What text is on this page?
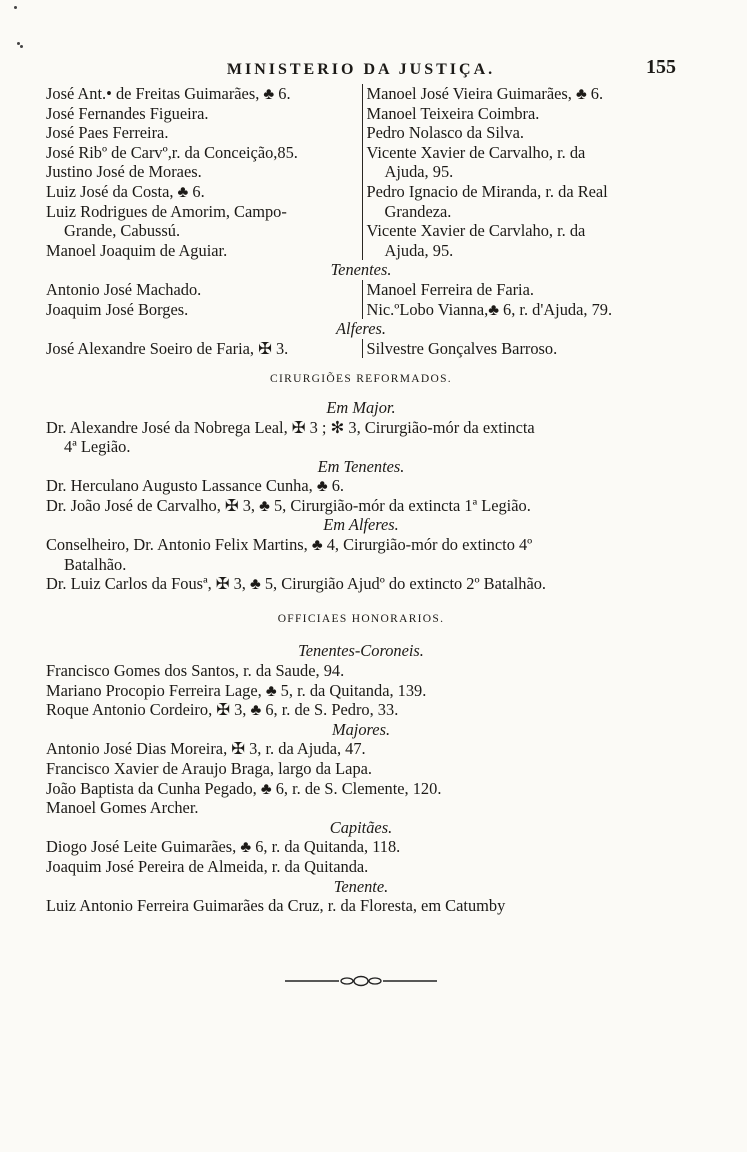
MINISTERIO DA JUSTIÇA.	155
José Ant.• de Freitas Guimarães, ♣ 6.
José Fernandes Figueira.
José Paes Ferreira.
José Ribº de Carvº,r. da Conceição,85.
Justino José de Moraes.
Luiz José da Costa, ♣ 6.
Luiz Rodrigues de Amorim, Campo-
Grande, Cabussú.
Manoel Joaquim de Aguiar.
Manoel José Vieira Guimarães, ♣ 6.
Manoel Teixeira Coimbra.
Pedro Nolasco da Silva.
Vicente Xavier de Carvalho, r. da
Ajuda, 95.
Pedro Ignacio de Miranda, r. da Real
Grandeza.
Vicente Xavier de Carvlaho, r. da
Ajuda, 95.
Tenentes.
Antonio José Machado.
Joaquim José Borges.
Manoel Ferreira de Faria.
Nic.ºLobo Vianna,♣ 6, r. d'Ajuda, 79.
Alferes.
José Alexandre Soeiro de Faria, ✠ 3.	Silvestre Gonçalves Barroso.
CIRURGIÕES REFORMADOS.
Em Major.
Dr. Alexandre José da Nobrega Leal, ✠ 3 ; ✻ 3, Cirurgião-mór da extincta
4ª Legião.
Em Tenentes.
Dr. Herculano Augusto Lassance Cunha, ♣ 6.
Dr. João José de Carvalho, ✠ 3, ♣ 5, Cirurgião-mór da extincta 1ª Legião.
Em Alferes.
Conselheiro, Dr. Antonio Felix Martins, ♣ 4, Cirurgião-mór do extincto 4º
Batalhão.
Dr. Luiz Carlos da Fousª, ✠ 3, ♣ 5, Cirurgião Ajudº do extincto 2º Batalhão.
OFFICIAES HONORARIOS.
Tenentes-Coroneis.
Francisco Gomes dos Santos, r. da Saude, 94.
Mariano Procopio Ferreira Lage, ♣ 5, r. da Quitanda, 139.
Roque Antonio Cordeiro, ✠ 3, ♣ 6, r. de S. Pedro, 33.
Majores.
Antonio José Dias Moreira, ✠ 3, r. da Ajuda, 47.
Francisco Xavier de Araujo Braga, largo da Lapa.
João Baptista da Cunha Pegado, ♣ 6, r. de S. Clemente, 120.
Manoel Gomes Archer.
Capitães.
Diogo José Leite Guimarães, ♣ 6, r. da Quitanda, 118.
Joaquim José Pereira de Almeida, r. da Quitanda.
Tenente.
Luiz Antonio Ferreira Guimarães da Cruz, r. da Floresta, em Catumby
